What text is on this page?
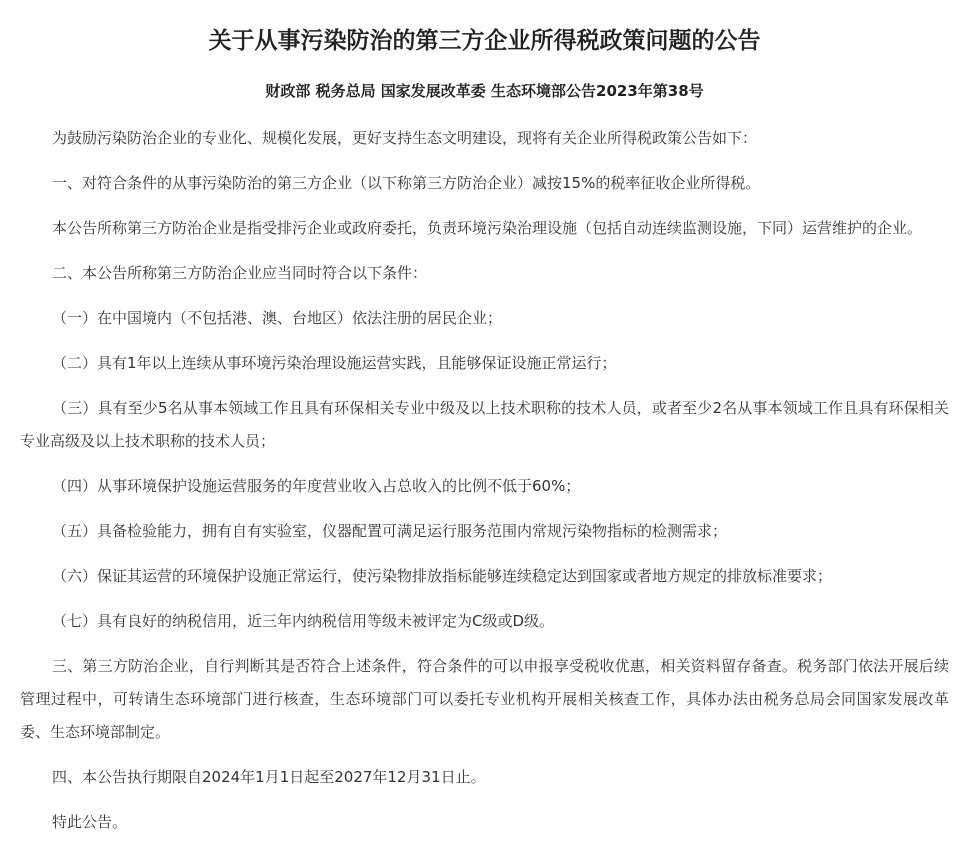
关于从事污染防治的第三方企业所得税政策问题的公告
财政部 税务总局 国家发展改革委 生态环境部公告2023年第38号

为鼓励污染防治企业的专业化、规模化发展，更好支持生态文明建设，现将有关企业所得税政策公告如下：

一、对符合条件的从事污染防治的第三方企业（以下称第三方防治企业）减按15%的税率征收企业所得税。

本公告所称第三方防治企业是指受排污企业或政府委托，负责环境污染治理设施（包括自动连续监测设施，下同）运营维护的企业。

二、本公告所称第三方防治企业应当同时符合以下条件：

（一）在中国境内（不包括港、澳、台地区）依法注册的居民企业；

（二）具有1年以上连续从事环境污染治理设施运营实践，且能够保证设施正常运行；

（三）具有至少5名从事本领域工作且具有环保相关专业中级及以上技术职称的技术人员，或者至少2名从事本领域工作且具有环保相关专业高级及以上技术职称的技术人员；

（四）从事环境保护设施运营服务的年度营业收入占总收入的比例不低于60%；

（五）具备检验能力，拥有自有实验室，仪器配置可满足运行服务范围内常规污染物指标的检测需求；

（六）保证其运营的环境保护设施正常运行，使污染物排放指标能够连续稳定达到国家或者地方规定的排放标准要求；

（七）具有良好的纳税信用，近三年内纳税信用等级未被评定为C级或D级。

三、第三方防治企业，自行判断其是否符合上述条件，符合条件的可以申报享受税收优惠，相关资料留存备查。税务部门依法开展后续管理过程中，可转请生态环境部门进行核查，生态环境部门可以委托专业机构开展相关核查工作，具体办法由税务总局会同国家发展改革委、生态环境部制定。

四、本公告执行期限自2024年1月1日起至2027年12月31日止。

特此公告。
